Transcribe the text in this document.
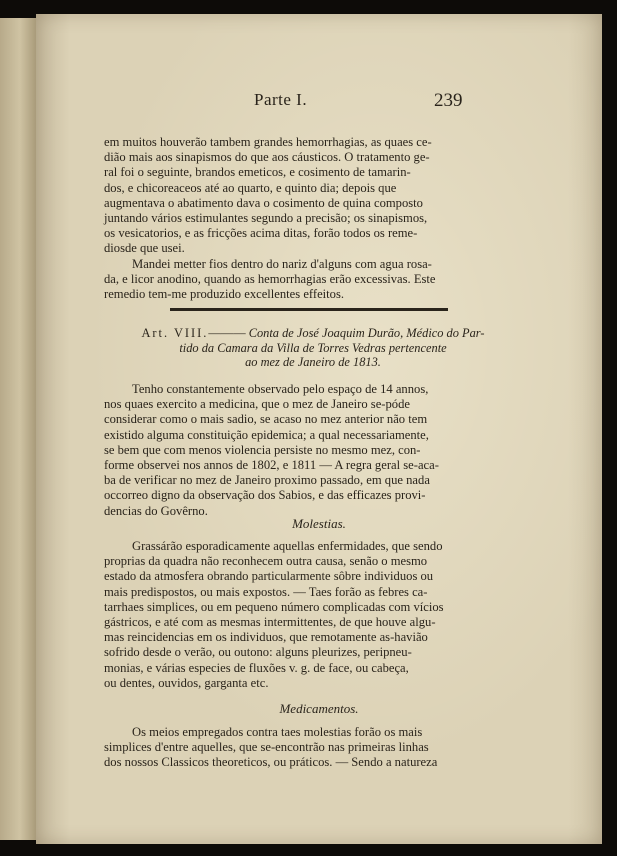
Parte I.	239

em muitos houverão tambem grandes hemorrhagias, as quaes ce-
dião mais aos sinapismos do que aos cáusticos. O tratamento ge-
ral foi o seguinte, brandos emeticos, e cosimento de tamarin-
dos, e chicoreaceos até ao quarto, e quinto dia; depois que
augmentava o abatimento dava o cosimento de quina composto
juntando vários estimulantes segundo a precisão; os sinapismos,
os vesicatorios, e as fricções acima ditas, forão todos os reme-
diosde que usei.

Mandei metter fios dentro do nariz d'alguns com agua rosa-
da, e licor anodino, quando as hemorrhagias erão excessivas. Este
remedio tem-me produzido excellentes effeitos.

Art. VIII.——— Conta de José Joaquim Durão, Médico do Par-
tido da Camara da Villa de Torres Vedras pertencente
ao mez de Janeiro de 1813.

Tenho constantemente observado pelo espaço de 14 annos,
nos quaes exercito a medicina, que o mez de Janeiro se-póde
considerar como o mais sadio, se acaso no mez anterior não tem
existido alguma constituição epidemica; a qual necessariamente,
se bem que com menos violencia persiste no mesmo mez, con-
forme observei nos annos de 1802, e 1811 — A regra geral se-aca-
ba de verificar no mez de Janeiro proximo passado, em que nada
occorreo digno da observação dos Sabios, e das efficazes provi-
dencias do Govêrno.

Molestias.

Grassárão esporadicamente aquellas enfermidades, que sendo
proprias da quadra não reconhecem outra causa, senão o mesmo
estado da atmosfera obrando particularmente sôbre individuos ou
mais predispostos, ou mais expostos. — Taes forão as febres ca-
tarrhaes simplices, ou em pequeno número complicadas com vícios
gástricos, e até com as mesmas intermittentes, de que houve algu-
mas reincidencias em os individuos, que remotamente as-havião
sofrido desde o verão, ou outono: alguns pleurizes, peripneu-
monias, e várias especies de fluxões v. g. de face, ou cabeça,
ou dentes, ouvidos, garganta etc.

Medicamentos.

Os meios empregados contra taes molestias forão os mais
simplices d'entre aquelles, que se-encontrão nas primeiras linhas
dos nossos Classicos theoreticos, ou práticos. — Sendo a natureza
